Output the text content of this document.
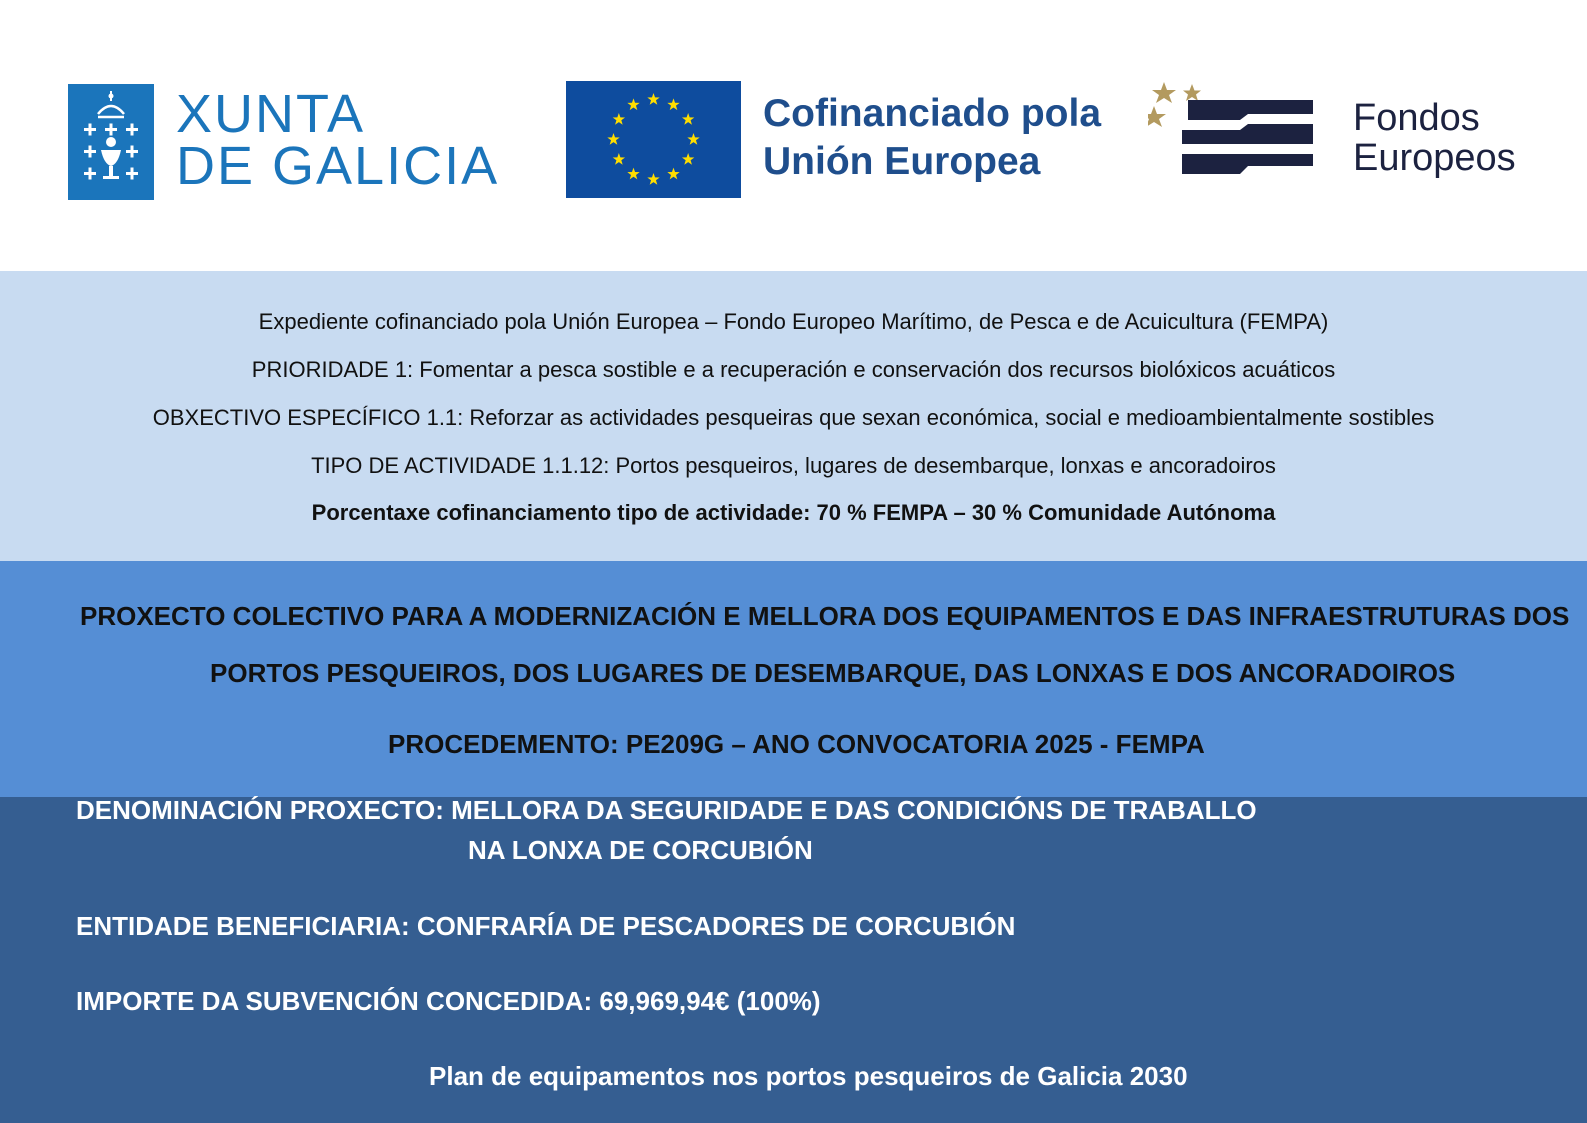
XUNTA
DE GALICIA
Cofinanciado pola
Unión Europea
Fondos
Europeos
Expediente cofinanciado pola Unión Europea – Fondo Europeo Marítimo, de Pesca e de Acuicultura (FEMPA)
PRIORIDADE 1: Fomentar a pesca sostible e a recuperación e conservación dos recursos biolóxicos acuáticos
OBXECTIVO ESPECÍFICO 1.1: Reforzar as actividades pesqueiras que sexan económica, social e medioambientalmente sostibles
TIPO DE ACTIVIDADE 1.1.12: Portos pesqueiros, lugares de desembarque, lonxas e ancoradoiros
Porcentaxe cofinanciamento tipo de actividade: 70 % FEMPA – 30 % Comunidade Autónoma
PROXECTO COLECTIVO PARA A MODERNIZACIÓN E MELLORA DOS EQUIPAMENTOS E DAS INFRAESTRUTURAS DOS
PORTOS PESQUEIROS, DOS LUGARES DE DESEMBARQUE, DAS LONXAS E DOS ANCORADOIROS
PROCEDEMENTO: PE209G – ANO CONVOCATORIA 2025 - FEMPA
DENOMINACIÓN PROXECTO: MELLORA DA SEGURIDADE E DAS CONDICIÓNS DE TRABALLO
NA LONXA DE CORCUBIÓN
ENTIDADE BENEFICIARIA: CONFRARÍA DE PESCADORES DE CORCUBIÓN
IMPORTE DA SUBVENCIÓN CONCEDIDA: 69,969,94€ (100%)
Plan de equipamentos nos portos pesqueiros de Galicia 2030
